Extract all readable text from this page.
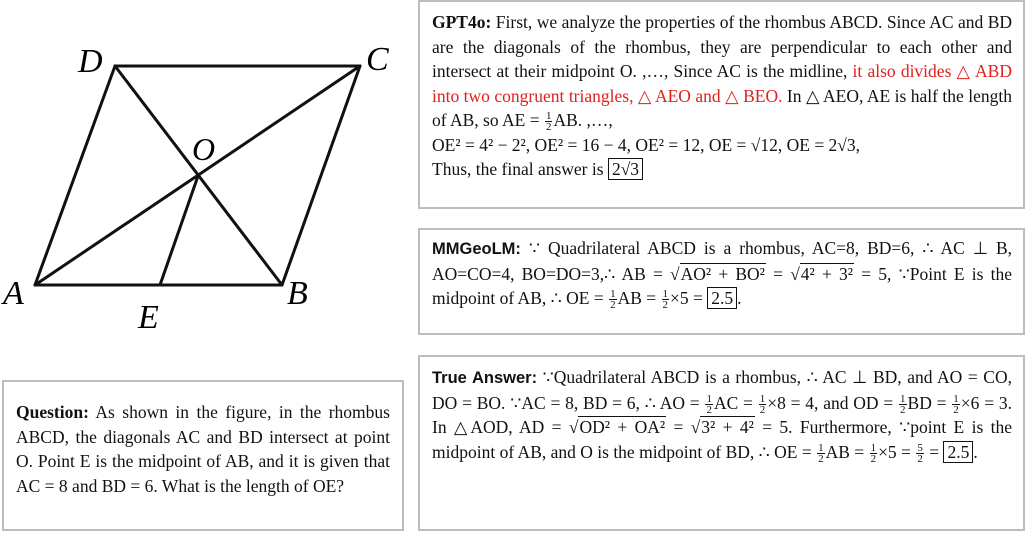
D	C
O
A	B
E
Question: As shown in the figure, in the rhombus ABCD, the diagonals AC and BD intersect at point O. Point E is the midpoint of AB, and it is given that AC = 8 and BD = 6. What is the length of OE?
GPT4o: First, we analyze the properties of the rhombus ABCD. Since AC and BD are the diagonals of the rhombus, they are perpendicular to each other and intersect at their midpoint O. ,…, Since AC is the midline, it also divides △ ABD into two congruent triangles, △ AEO and △ BEO. In △ AEO, AE is half the length of AB, so AE = $\frac{1}{2}$ AB. ,…,
OE² = 4² − 2², OE² = 16 − 4, OE² = 12, OE = √12, OE = 2√3,
Thus, the final answer is 2√3
MMGeoLM: ∵ Quadrilateral ABCD is a rhombus, AC=8, BD=6, ∴ AC ⊥ B, AO=CO=4, BO=DO=3,∴ AB = √AO² + BO² = √4² + 3² = 5, ∵Point E is the midpoint of AB, ∴ OE = $\frac{1}{2}$ AB = $\frac{1}{2} \times 5 = 2.5$ .
True Answer: ∵Quadrilateral ABCD is a rhombus, ∴ AC ⊥ BD, and AO = CO, DO = BO. ∵AC = 8, BD = 6, ∴ AO = $\frac{1}{2}$ AC = $\frac{1}{2} \times 8 = 4$, and OD = $\frac{1}{2}$ BD = $\frac{1}{2} \times 6 = 3$. In △AOD, AD = √OD² + OA² = √3² + 4² = 5. Furthermore, ∵point E is the midpoint of AB, and O is the midpoint of BD, ∴ OE = $\frac{1}{2}$ AB = $\frac{1}{2} \times 5 = \frac{5}{2} = 2.5$ .
